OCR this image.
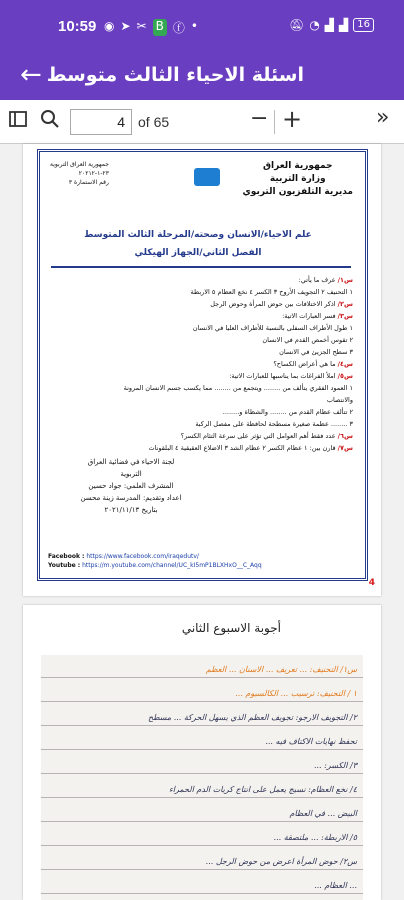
10:59 ◉ ➤ ✂ B ⓕ •	🔕︎ ◔ ▟ ▟ 16
← اسئلة الاحياء الثالث متوسط
4
of 65	− +	»
جمهورية العراق
وزارة التربية
مديرية التلفزيون التربوي
جمهورية العراق التربوية
٢٣-١-٢٠٢١٢
رقم الاستمارة ٣
علم الاحياء/الانسان وصحته/المرحلة الثالث المتوسط
الفصل الثاني/الجهاز الهيكلي
س١/ عرف ما يأتي:
١ التحنيف ٢ التجويف الأروح ٣ الكسر ٤ نخع العظام ٥ الاربطة
س٢/ اذكر الاختلافات بين حوض المرأة وحوض الرجل
س٣/ فسر العبارات الاتية:
١ طول الأطراف السفلى بالنسبة للأطراف العليا في الانسان
٢ تقوس أخمص القدم في الانسان
٣ سطح الجزيئ في الانسان
س٤/ ما هي أعراض الكساح؟
س٥/ املأ الفراغات بما يناسبها للعبارات الاتية:
١ العمود الفقري يتألف من ........ ويتجمع من ........ مما يكسب جسم الانسان المرونة
والانتصاب
٢ تتألف عظام القدم من ........ والشظاة و........
٣ ........ عظمة صغيرة مسطحة لحافظة على مفصل الركبة
س٦/ عدد فقط أهم العوامل التي تؤثر على سرعة التئام الكسر؟
س٧/ قارن بين: ١ عظام الكسر ٢ عظام الشد ٣ الاضلاع العقيقية ٤ البلقونات
لجنة الاحياء في فضائية العراق
التربوية
المشرف العلمي: جواد حسين
اعداد وتقديم: المدرسة زينة محسن
بتاريخ ٢٠٢١/١١/١٣
Facebook : https://www.facebook.com/iraqedutv/
Youtube : https://m.youtube.com/channel/UC_kI5mP1BLXHxO__C_Aqq
4
أجوبة الاسبوع الثاني
س١/ التحنيف: ... تعريف ... الاسنان ... العظم
١ / التحنيف: ترسيب ... الكالسيوم ...
٢/ التجويف الارجو: تجويف العظم الذي يسهل الحركة ... مسطح
تحفظ نهايات الاكتاف فيه ...
٣/ الكسر: ...
٤/ نخع العظام: نسيج يعمل على انتاج كريات الدم الحمراء
البيض ... في العظام
٥/ الاربطة: ... ملتصقة ...
س٢/ حوض المرأة اعرض من حوض الرجل ...
... العظام ...
